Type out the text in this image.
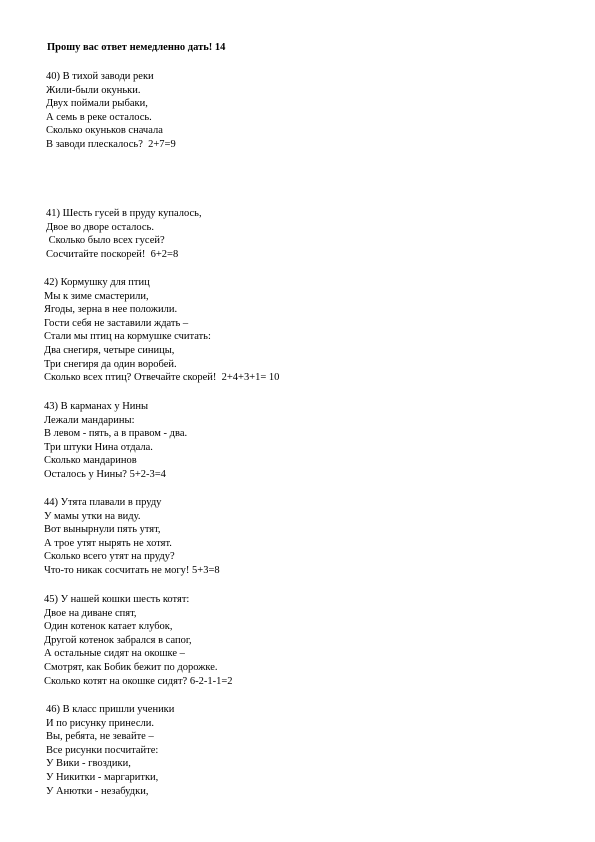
Прошу вас ответ немедленно дать! 14
40) В тихой заводи реки
Жили-были окуньки.
Двух поймали рыбаки,
А семь в реке осталось.
Сколько окуньков сначала
В заводи плескалось?  2+7=9
41) Шесть гусей в пруду купалось,
Двое во дворе осталось.
Сколько было всех гусей?
Сосчитайте поскорей!  6+2=8
42) Кормушку для птиц
Мы к зиме смастерили,
Ягоды, зерна в нее положили.
Гости себя не заставили ждать –
Стали мы птиц на кормушке считать:
Два снегиря, четыре синицы,
Три снегиря да один воробей.
Сколько всех птиц? Отвечайте скорей!  2+4+3+1= 10
43) В карманах у Нины
Лежали мандарины:
В левом - пять, а в правом - два.
Три штуки Нина отдала.
Сколько мандаринов
Осталось у Нины? 5+2-3=4
44) Утята плавали в пруду
У мамы утки на виду.
Вот вынырнули пять утят,
А трое утят нырять не хотят.
Сколько всего утят на пруду?
Что-то никак сосчитать не могу! 5+3=8
45) У нашей кошки шесть котят:
Двое на диване спят,
Один котенок катает клубок,
Другой котенок забрался в сапог,
А остальные сидят на окошке –
Смотрят, как Бобик бежит по дорожке.
Сколько котят на окошке сидят? 6-2-1-1=2
46) В класс пришли ученики
И по рисунку принесли.
Вы, ребята, не зевайте –
Все рисунки посчитайте:
У Вики - гвоздики,
У Никитки - маргаритки,
У Анютки - незабудки,
